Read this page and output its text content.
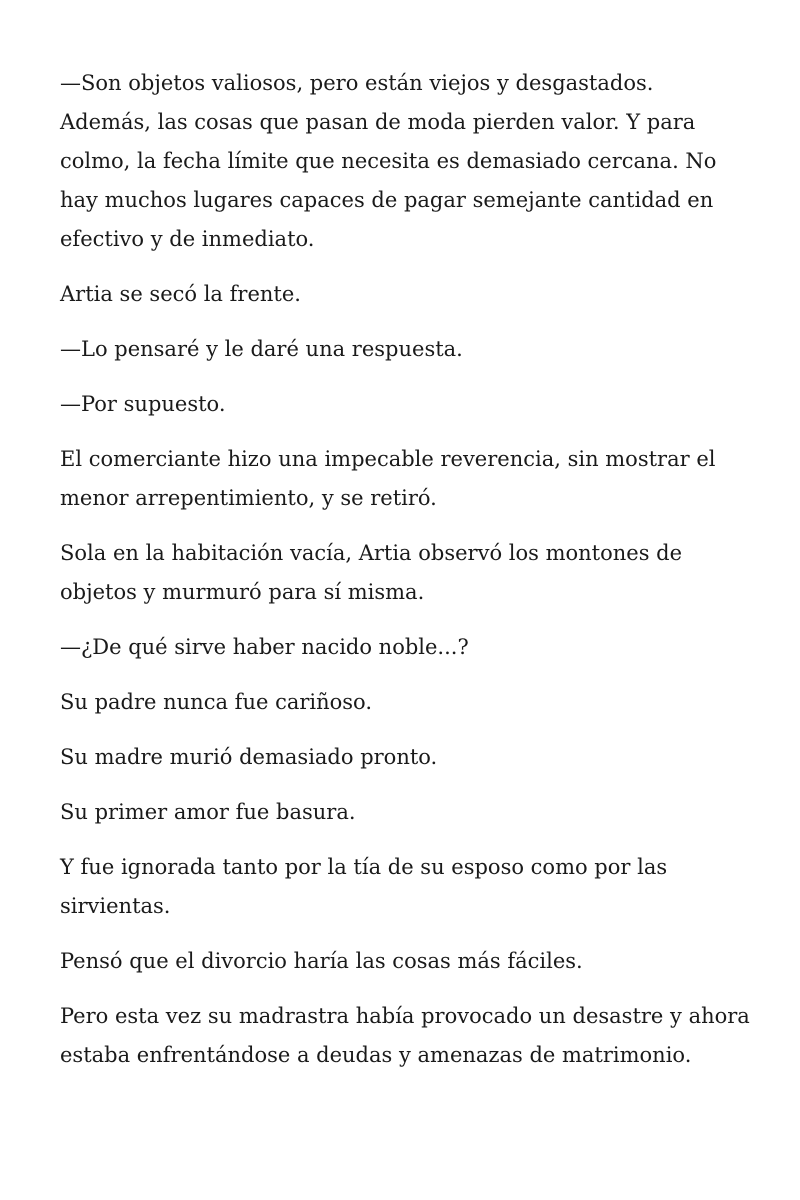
—Son objetos valiosos, pero están viejos y desgastados. Además, las cosas que pasan de moda pierden valor. Y para colmo, la fecha límite que necesita es demasiado cercana. No hay muchos lugares capaces de pagar semejante cantidad en efectivo y de inmediato.

Artia se secó la frente.

—Lo pensaré y le daré una respuesta.

—Por supuesto.

El comerciante hizo una impecable reverencia, sin mostrar el menor arrepentimiento, y se retiró.

Sola en la habitación vacía, Artia observó los montones de objetos y murmuró para sí misma.

—¿De qué sirve haber nacido noble...?

Su padre nunca fue cariñoso.

Su madre murió demasiado pronto.

Su primer amor fue basura.

Y fue ignorada tanto por la tía de su esposo como por las sirvientas.

Pensó que el divorcio haría las cosas más fáciles.

Pero esta vez su madrastra había provocado un desastre y ahora estaba enfrentándose a deudas y amenazas de matrimonio.
